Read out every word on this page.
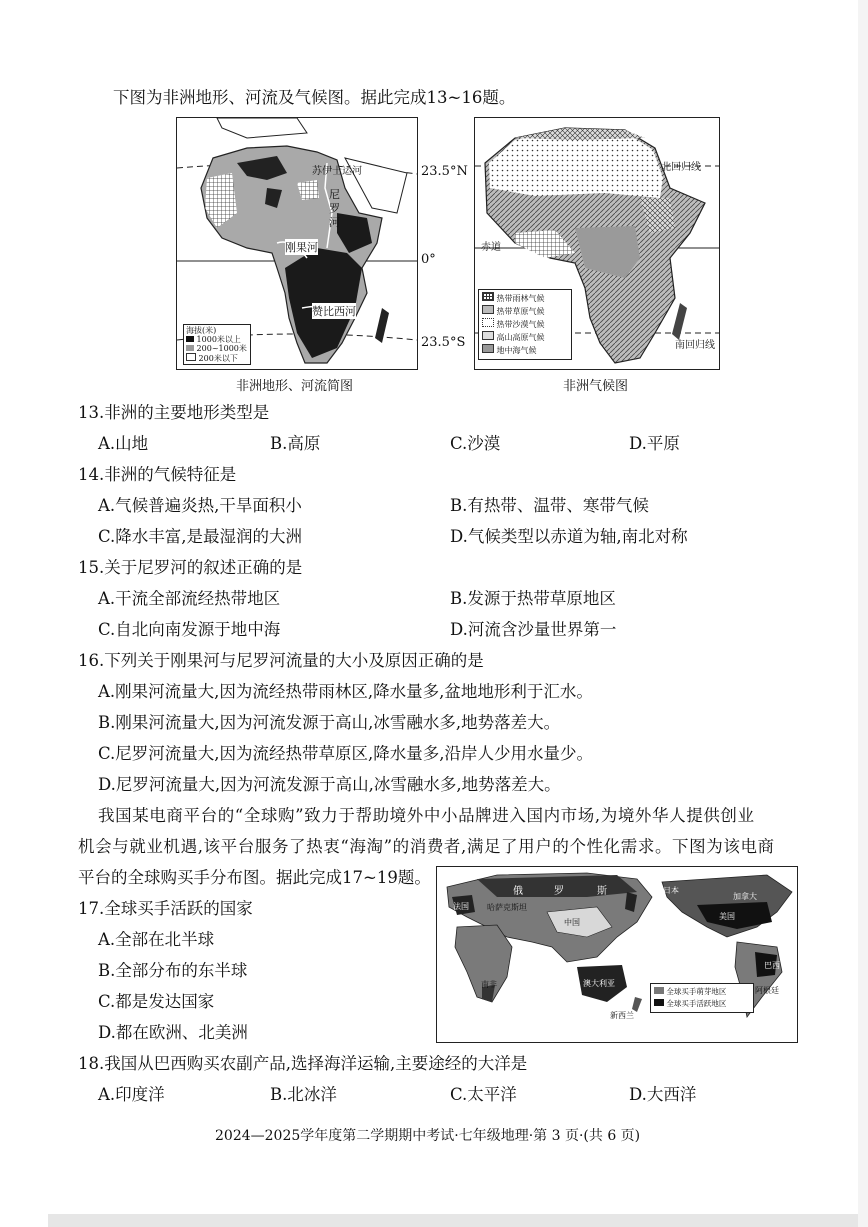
下图为非洲地形、河流及气候图。据此完成13~16题。
苏伊士运河
尼
罗
河
刚果河
赞比西河
海拔(米)
1000米以上
200~1000米
200米以下
23.5°N
0°
23.5°S
非洲地形、河流简图
北回归线
赤道
南回归线
热带雨林气候
热带草原气候
热带沙漠气候
高山高原气候
地中海气候
非洲气候图
13.非洲的主要地形类型是
A.山地	B.高原	C.沙漠	D.平原
14.非洲的气候特征是
A.气候普遍炎热,干旱面积小	B.有热带、温带、寒带气候
C.降水丰富,是最湿润的大洲	D.气候类型以赤道为轴,南北对称
15.关于尼罗河的叙述正确的是
A.干流全部流经热带地区	B.发源于热带草原地区
C.自北向南发源于地中海	D.河流含沙量世界第一
16.下列关于刚果河与尼罗河流量的大小及原因正确的是
A.刚果河流量大,因为流经热带雨林区,降水量多,盆地地形利于汇水。
B.刚果河流量大,因为河流发源于高山,冰雪融水多,地势落差大。
C.尼罗河流量大,因为流经热带草原区,降水量多,沿岸人少用水量少。
D.尼罗河流量大,因为河流发源于高山,冰雪融水多,地势落差大。
我国某电商平台的“全球购”致力于帮助境外中小品牌进入国内市场,为境外华人提供创业
机会与就业机遇,该平台服务了热衷“海淘”的消费者,满足了用户的个性化需求。下图为该电商
平台的全球购买手分布图。据此完成17~19题。
俄	罗	斯
法国 哈萨克斯坦
中国
日本
加拿大
美国
澳大利亚
南非
新西兰
巴西
阿根廷
全球买手萌芽地区
全球买手活跃地区
17.全球买手活跃的国家
A.全部在北半球
B.全部分布的东半球
C.都是发达国家
D.都在欧洲、北美洲
18.我国从巴西购买农副产品,选择海洋运输,主要途经的大洋是
A.印度洋	B.北冰洋	C.太平洋	D.大西洋
2024—2025学年度第二学期期中考试·七年级地理·第 3 页·(共 6 页)
